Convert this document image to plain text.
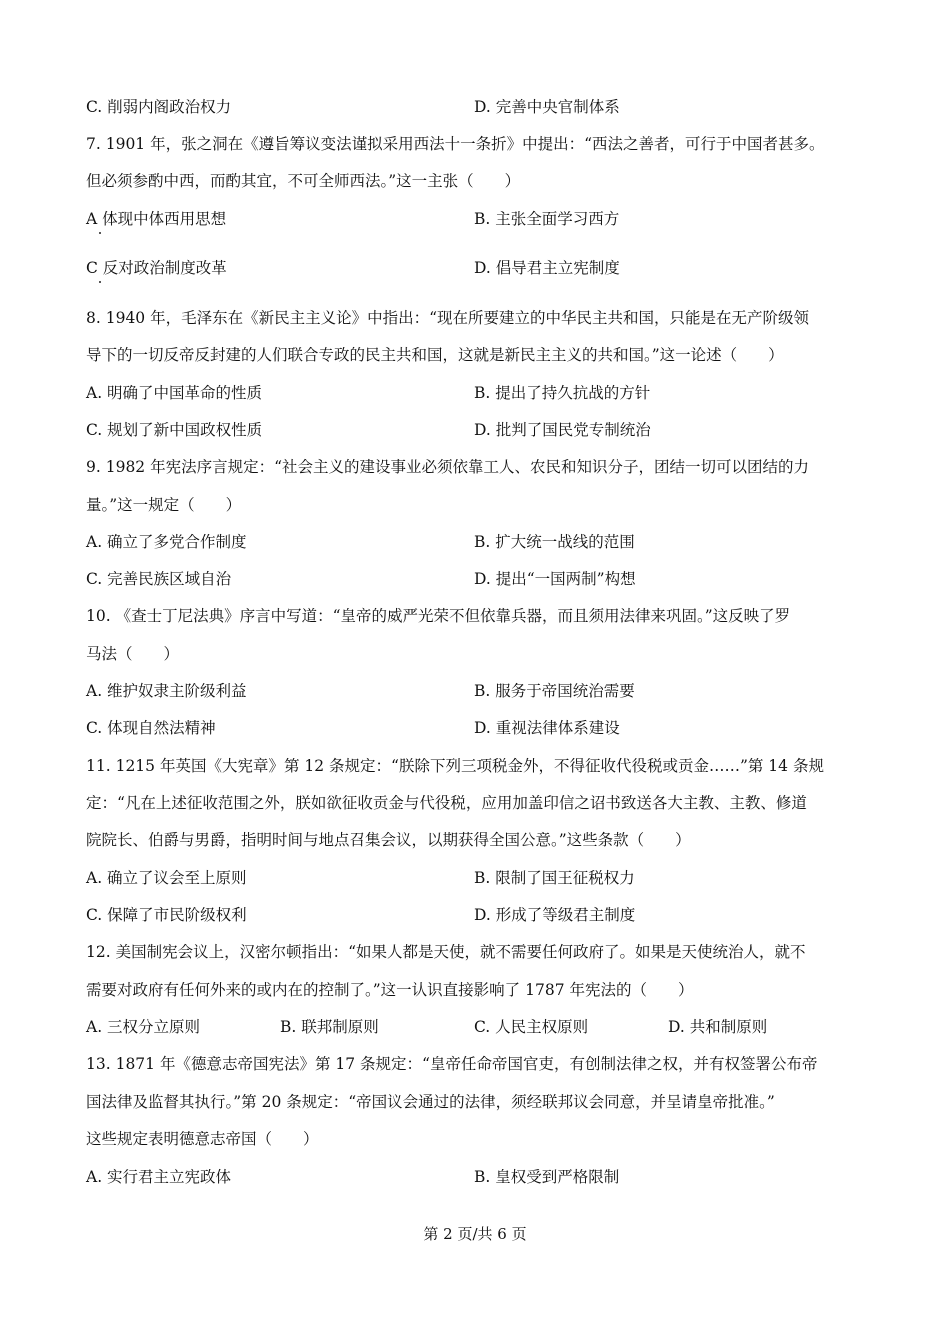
C. 削弱内阁政治权力	D. 完善中央官制体系
7. 1901 年，张之洞在《遵旨筹议变法谨拟采用西法十一条折》中提出：“西法之善者，可行于中国者甚多。
但必须参酌中西，而酌其宜，不可全师西法。”这一主张（　　）
A 体现中体西用思想	B. 主张全面学习西方
C 反对政治制度改革	D. 倡导君主立宪制度
8. 1940 年，毛泽东在《新民主主义论》中指出：“现在所要建立的中华民主共和国，只能是在无产阶级领
导下的一切反帝反封建的人们联合专政的民主共和国，这就是新民主主义的共和国。”这一论述（　　）
A. 明确了中国革命的性质	B. 提出了持久抗战的方针
C. 规划了新中国政权性质	D. 批判了国民党专制统治
9. 1982 年宪法序言规定：“社会主义的建设事业必须依靠工人、农民和知识分子，团结一切可以团结的力
量。”这一规定（　　）
A. 确立了多党合作制度	B. 扩大统一战线的范围
C. 完善民族区域自治	D. 提出“一国两制”构想
10. 《查士丁尼法典》序言中写道：“皇帝的威严光荣不但依靠兵器，而且须用法律来巩固。”这反映了罗
马法（　　）
A. 维护奴隶主阶级利益	B. 服务于帝国统治需要
C. 体现自然法精神	D. 重视法律体系建设
11. 1215 年英国《大宪章》第 12 条规定：“朕除下列三项税金外，不得征收代役税或贡金……”第 14 条规
定：“凡在上述征收范围之外，朕如欲征收贡金与代役税，应用加盖印信之诏书致送各大主教、主教、修道
院院长、伯爵与男爵，指明时间与地点召集会议，以期获得全国公意。”这些条款（　　）
A. 确立了议会至上原则	B. 限制了国王征税权力
C. 保障了市民阶级权利	D. 形成了等级君主制度
12. 美国制宪会议上，汉密尔顿指出：“如果人都是天使，就不需要任何政府了。如果是天使统治人，就不
需要对政府有任何外来的或内在的控制了。”这一认识直接影响了 1787 年宪法的（　　）
A. 三权分立原则	B. 联邦制原则	C. 人民主权原则	D. 共和制原则
13. 1871 年《德意志帝国宪法》第 17 条规定：“皇帝任命帝国官吏，有创制法律之权，并有权签署公布帝
国法律及监督其执行。”第 20 条规定：“帝国议会通过的法律，须经联邦议会同意，并呈请皇帝批准。”
这些规定表明德意志帝国（　　）
A. 实行君主立宪政体	B. 皇权受到严格限制
第 2 页/共 6 页
